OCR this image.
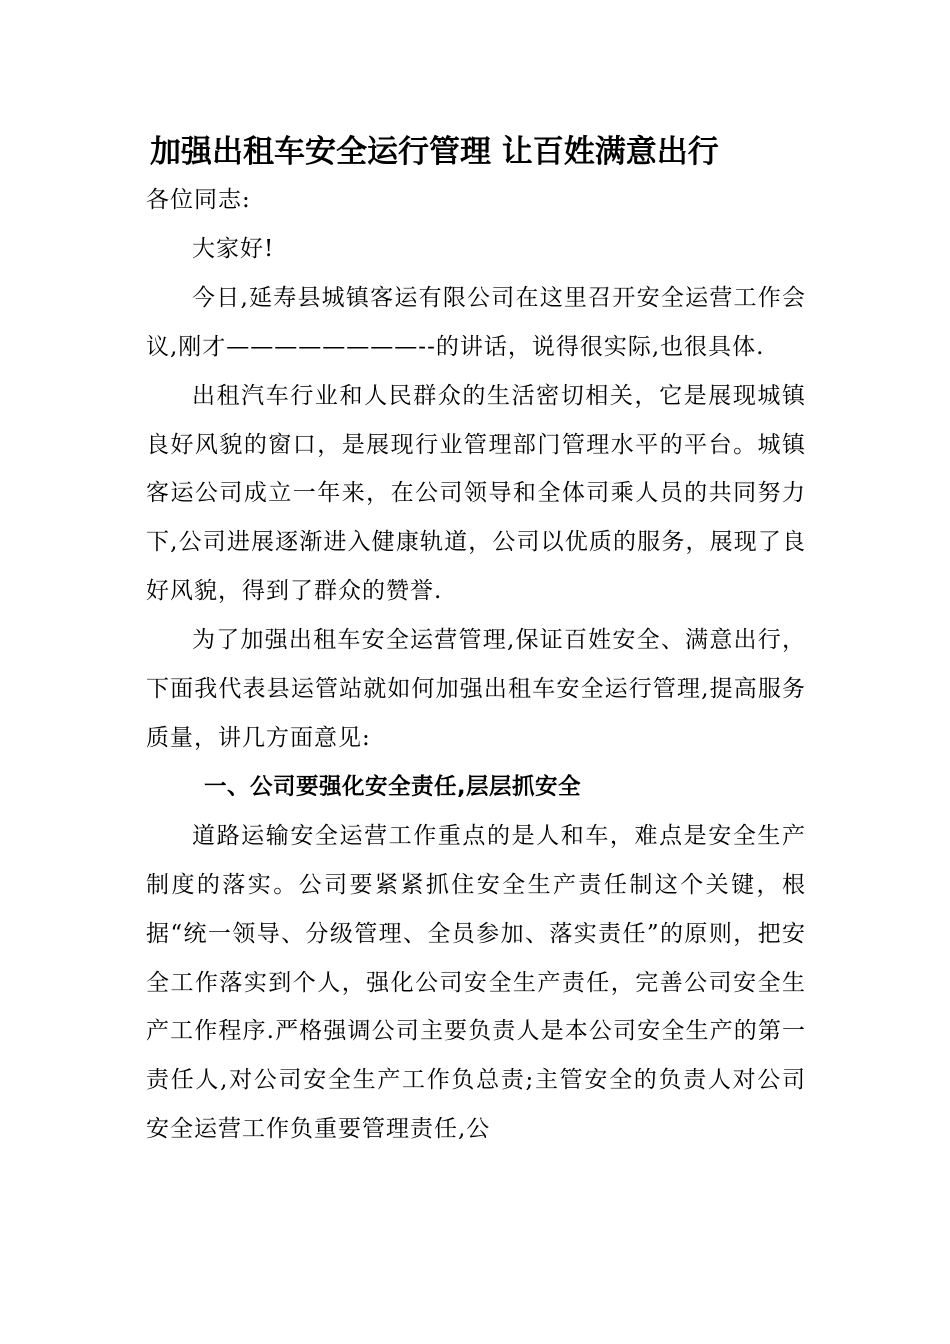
加强出租车安全运行管理 让百姓满意出行

各位同志:

大家好!

今日,延寿县城镇客运有限公司在这里召开安全运营工作会议,刚才————————--的讲话，说得很实际,也很具体.

出租汽车行业和人民群众的生活密切相关，它是展现城镇良好风貌的窗口，是展现行业管理部门管理水平的平台。城镇客运公司成立一年来，在公司领导和全体司乘人员的共同努力下,公司进展逐渐进入健康轨道，公司以优质的服务，展现了良好风貌，得到了群众的赞誉.

为了加强出租车安全运营管理,保证百姓安全、满意出行，下面我代表县运管站就如何加强出租车安全运行管理,提高服务质量，讲几方面意见:

一、公司要强化安全责任,层层抓安全

道路运输安全运营工作重点的是人和车，难点是安全生产制度的落实。公司要紧紧抓住安全生产责任制这个关键，根据“统一领导、分级管理、全员参加、落实责任”的原则，把安全工作落实到个人，强化公司安全生产责任，完善公司安全生产工作程序.严格强调公司主要负责人是本公司安全生产的第一责任人,对公司安全生产工作负总责;主管安全的负责人对公司安全运营工作负重要管理责任,公
